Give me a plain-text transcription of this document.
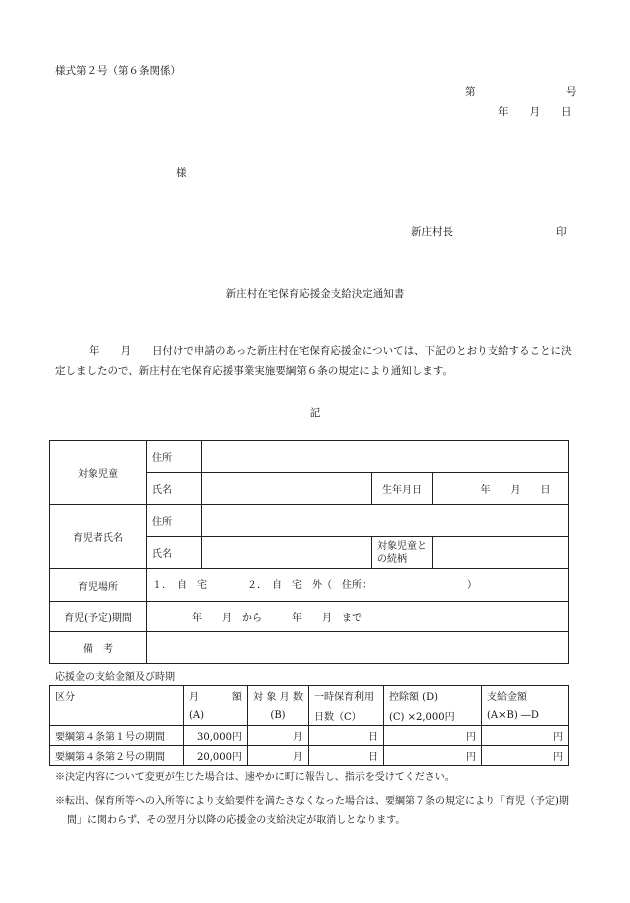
様式第２号（第６条関係）
第	号
年　　月　　日
様
新庄村長	印
新庄村在宅保育応援金支給決定通知書
年　　月　　日付けで申請のあった新庄村在宅保育応援金については、下記のとおり支給することに決定しましたので、新庄村在宅保育応援事業実施要綱第６条の規定により通知します。
記
対象児童	住所			
	氏名		生年月日	年　　月　　日
育児者氏名	住所			
	氏名		対象児童との続柄	
育児場所	１．　自　宅　　　　２．　自　宅　外（　住所：　　　　　　　　　　）			
育児(予定)期間	年　　月　から　　　年　　月　まで			
備　考				
応援金の支給金額及び時期
区分	月　　額	対象月数	一時保育利用	控除額 (D)	支給金額
	(A)	(B)	日数（C）	(C) ×2,000円	(A×B) ―D
要綱第４条第１号の期間	30,000円	月	日	円	円
要綱第４条第２号の期間	20,000円	月	日	円	円
※決定内容について変更が生じた場合は、速やかに町に報告し、指示を受けてください。
※転出、保育所等への入所等により支給要件を満たさなくなった場合は、要綱第７条の規定により「育児（予定)期間」に関わらず、その翌月分以降の応援金の支給決定が取消しとなります。
